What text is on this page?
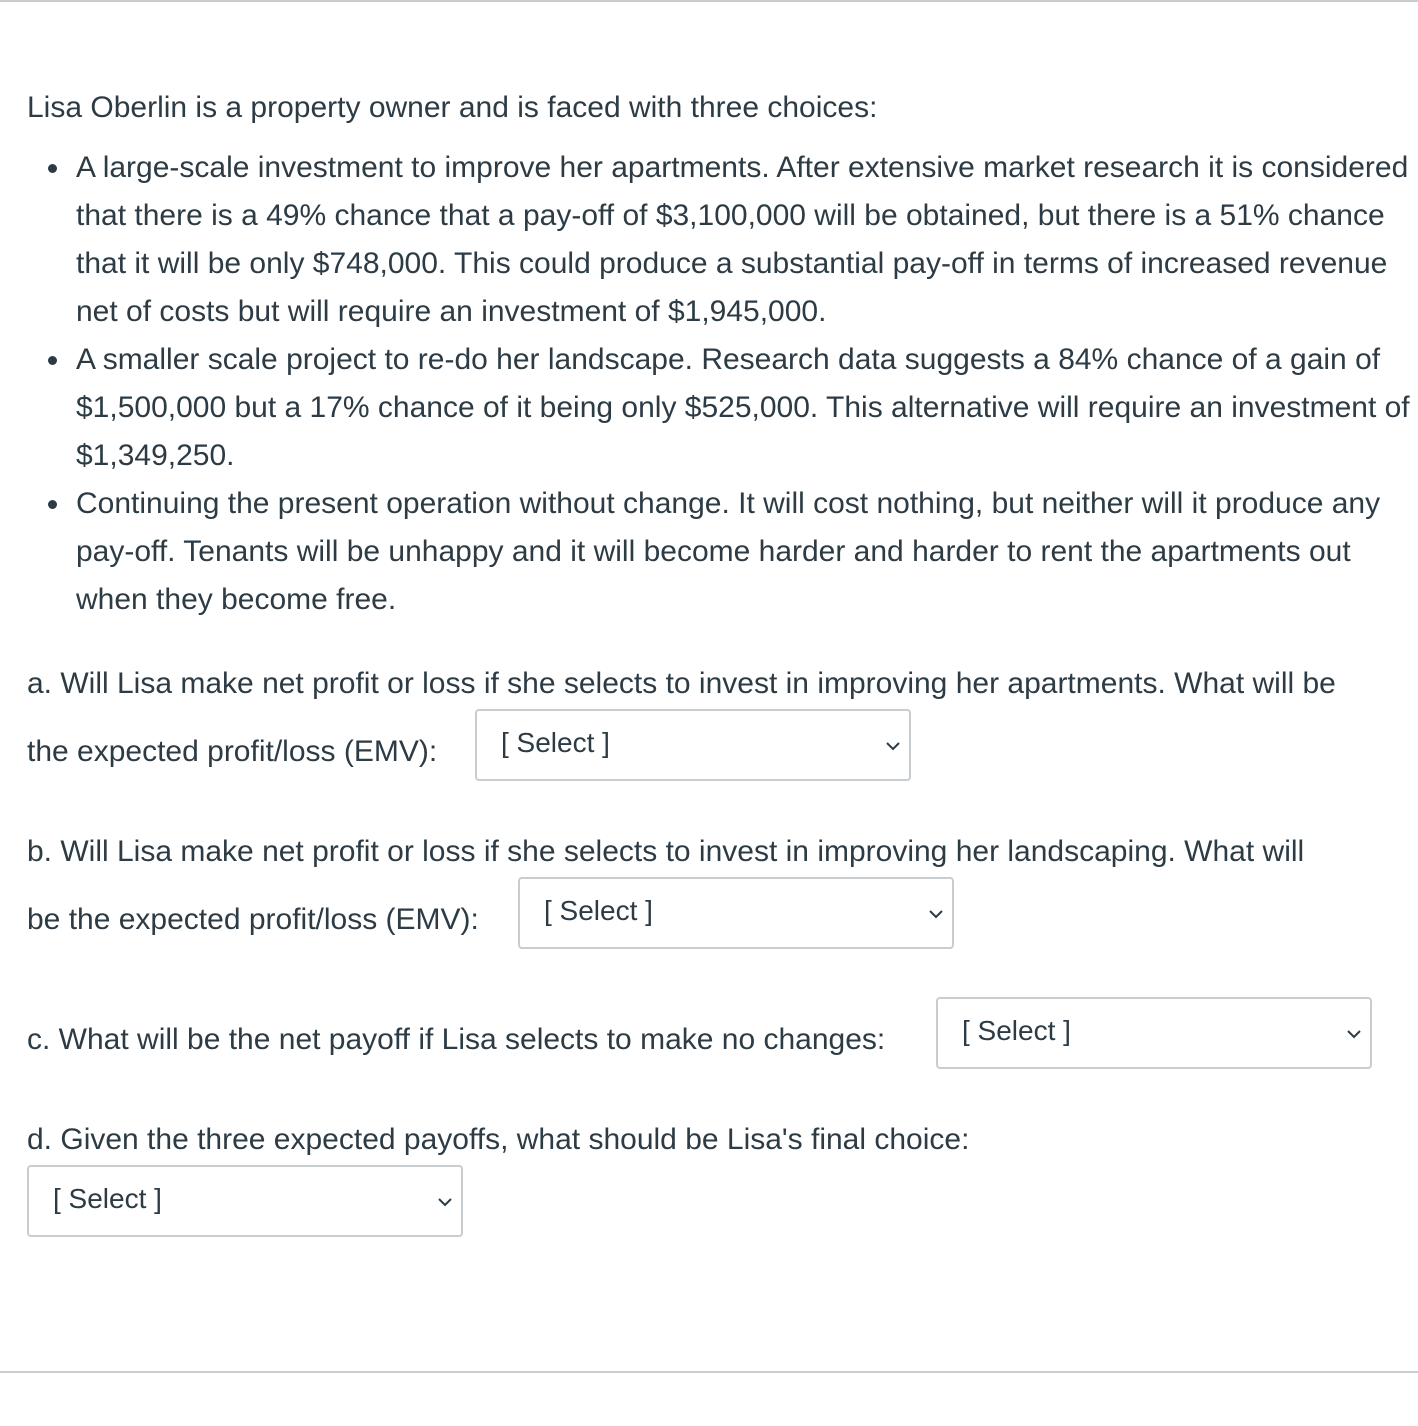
Lisa Oberlin is a property owner and is faced with three choices:

A large-scale investment to improve her apartments. After extensive market research it is considered that there is a 49% chance that a pay-off of $3,100,000 will be obtained, but there is a 51% chance that it will be only $748,000. This could produce a substantial pay-off in terms of increased revenue net of costs but will require an investment of $1,945,000.
A smaller scale project to re-do her landscape. Research data suggests a 84% chance of a gain of $1,500,000 but a 17% chance of it being only $525,000. This alternative will require an investment of $1,349,250.
Continuing the present operation without change. It will cost nothing, but neither will it produce any pay-off. Tenants will be unhappy and it will become harder and harder to rent the apartments out when they become free.
a. Will Lisa make net profit or loss if she selects to invest in improving her apartments. What will be
the expected profit/loss (EMV): [ Select ]
b. Will Lisa make net profit or loss if she selects to invest in improving her landscaping. What will
be the expected profit/loss (EMV): [ Select ]
c. What will be the net payoff if Lisa selects to make no changes:	[ Select ]
d. Given the three expected payoffs, what should be Lisa's final choice:
[ Select ]
